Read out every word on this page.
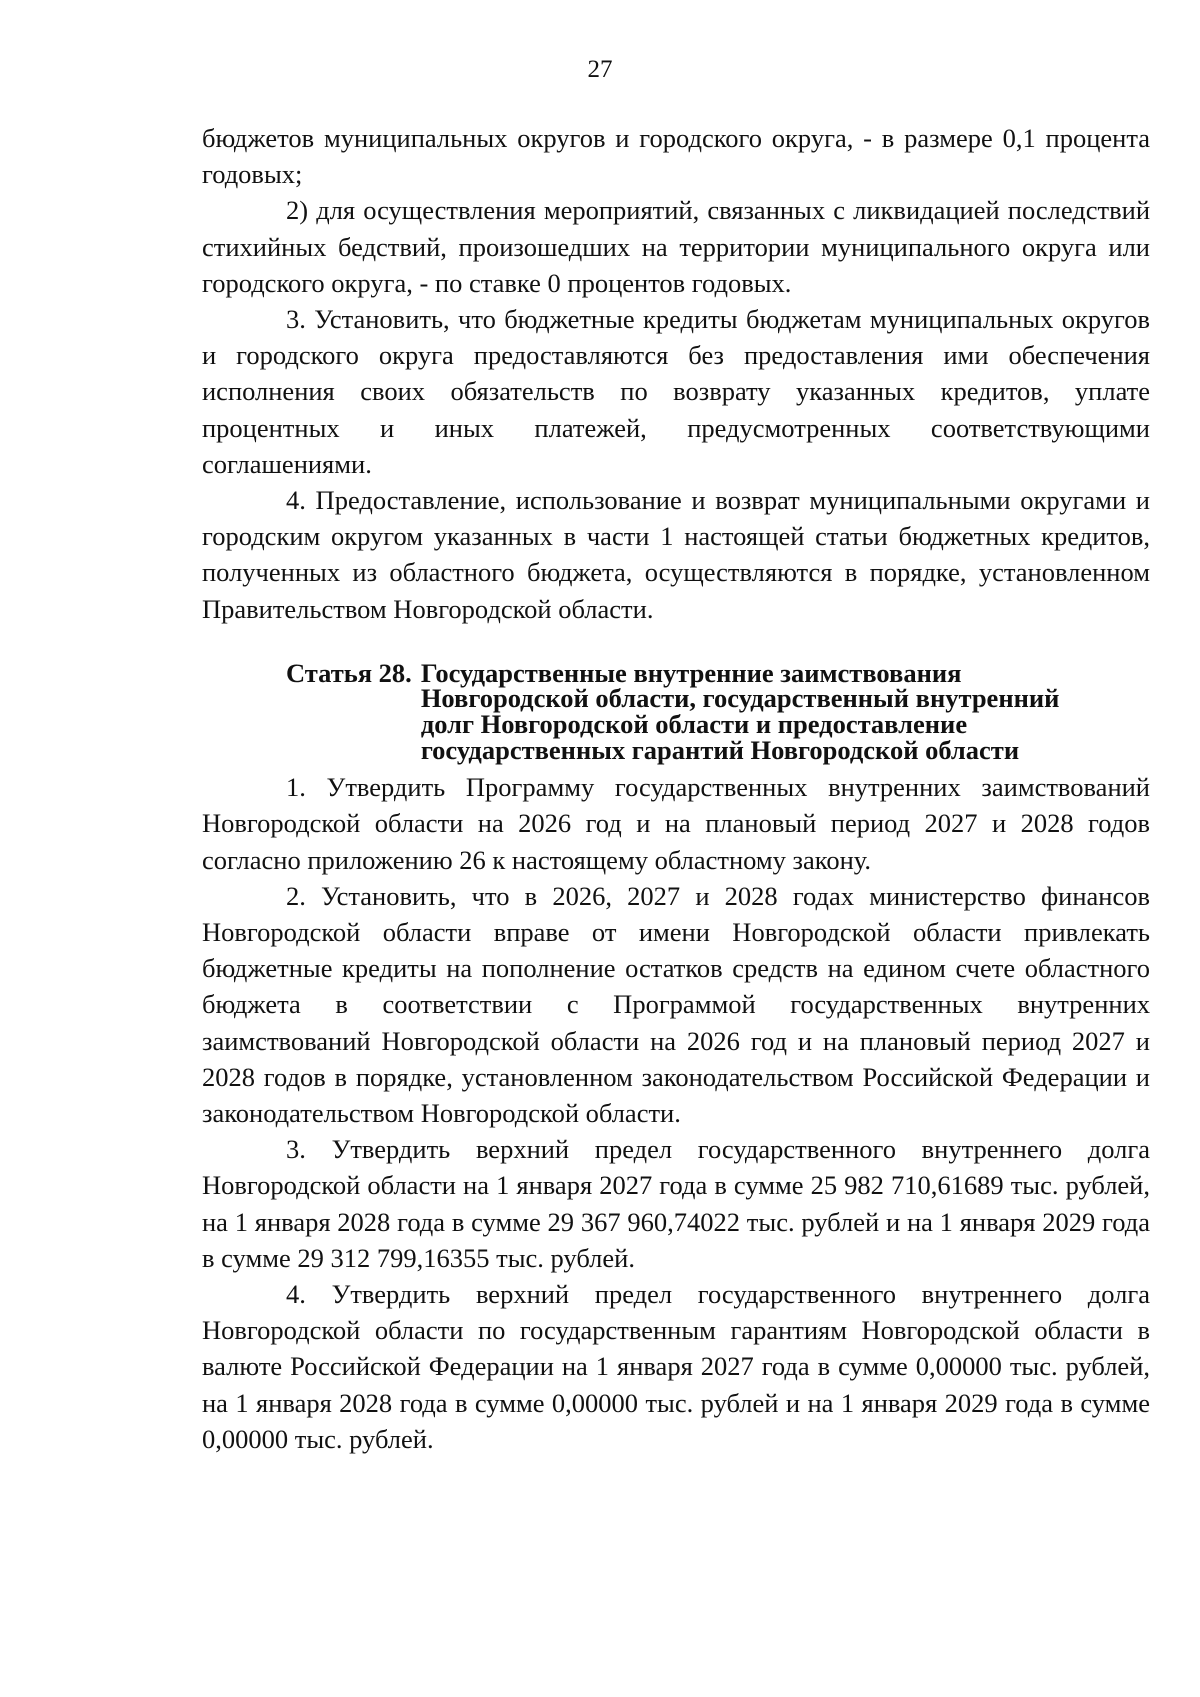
27

бюджетов муниципальных округов и городского округа, - в размере 0,1 процента годовых;

2) для осуществления мероприятий, связанных с ликвидацией последствий стихийных бедствий, произошедших на территории муниципального округа или городского округа, - по ставке 0 процентов годовых.

3. Установить, что бюджетные кредиты бюджетам муниципальных округов и городского округа предоставляются без предоставления ими обеспечения исполнения своих обязательств по возврату указанных кредитов, уплате процентных и иных платежей, предусмотренных соответствующими соглашениями.

4. Предоставление, использование и возврат муниципальными округами и городским округом указанных в части 1 настоящей статьи бюджетных кредитов, полученных из областного бюджета, осуществляются в порядке, установленном Правительством Новгородской области.

Статья 28. Государственные внутренние заимствования
Новгородской области, государственный внутренний
долг Новгородской области и предоставление
государственных гарантий Новгородской области

1. Утвердить Программу государственных внутренних заимствований Новгородской области на 2026 год и на плановый период 2027 и 2028 годов согласно приложению 26 к настоящему областному закону.

2. Установить, что в 2026, 2027 и 2028 годах министерство финансов Новгородской области вправе от имени Новгородской области привлекать бюджетные кредиты на пополнение остатков средств на едином счете областного бюджета в соответствии с Программой государственных внутренних заимствований Новгородской области на 2026 год и на плановый период 2027 и 2028 годов в порядке, установленном законодательством Российской Федерации и законодательством Новгородской области.

3. Утвердить верхний предел государственного внутреннего долга Новгородской области на 1 января 2027 года в сумме 25 982 710,61689 тыс. рублей, на 1 января 2028 года в сумме 29 367 960,74022 тыс. рублей и на 1 января 2029 года в сумме 29 312 799,16355 тыс. рублей.

4. Утвердить верхний предел государственного внутреннего долга Новгородской области по государственным гарантиям Новгородской области в валюте Российской Федерации на 1 января 2027 года в сумме 0,00000 тыс. рублей, на 1 января 2028 года в сумме 0,00000 тыс. рублей и на 1 января 2029 года в сумме 0,00000 тыс. рублей.
